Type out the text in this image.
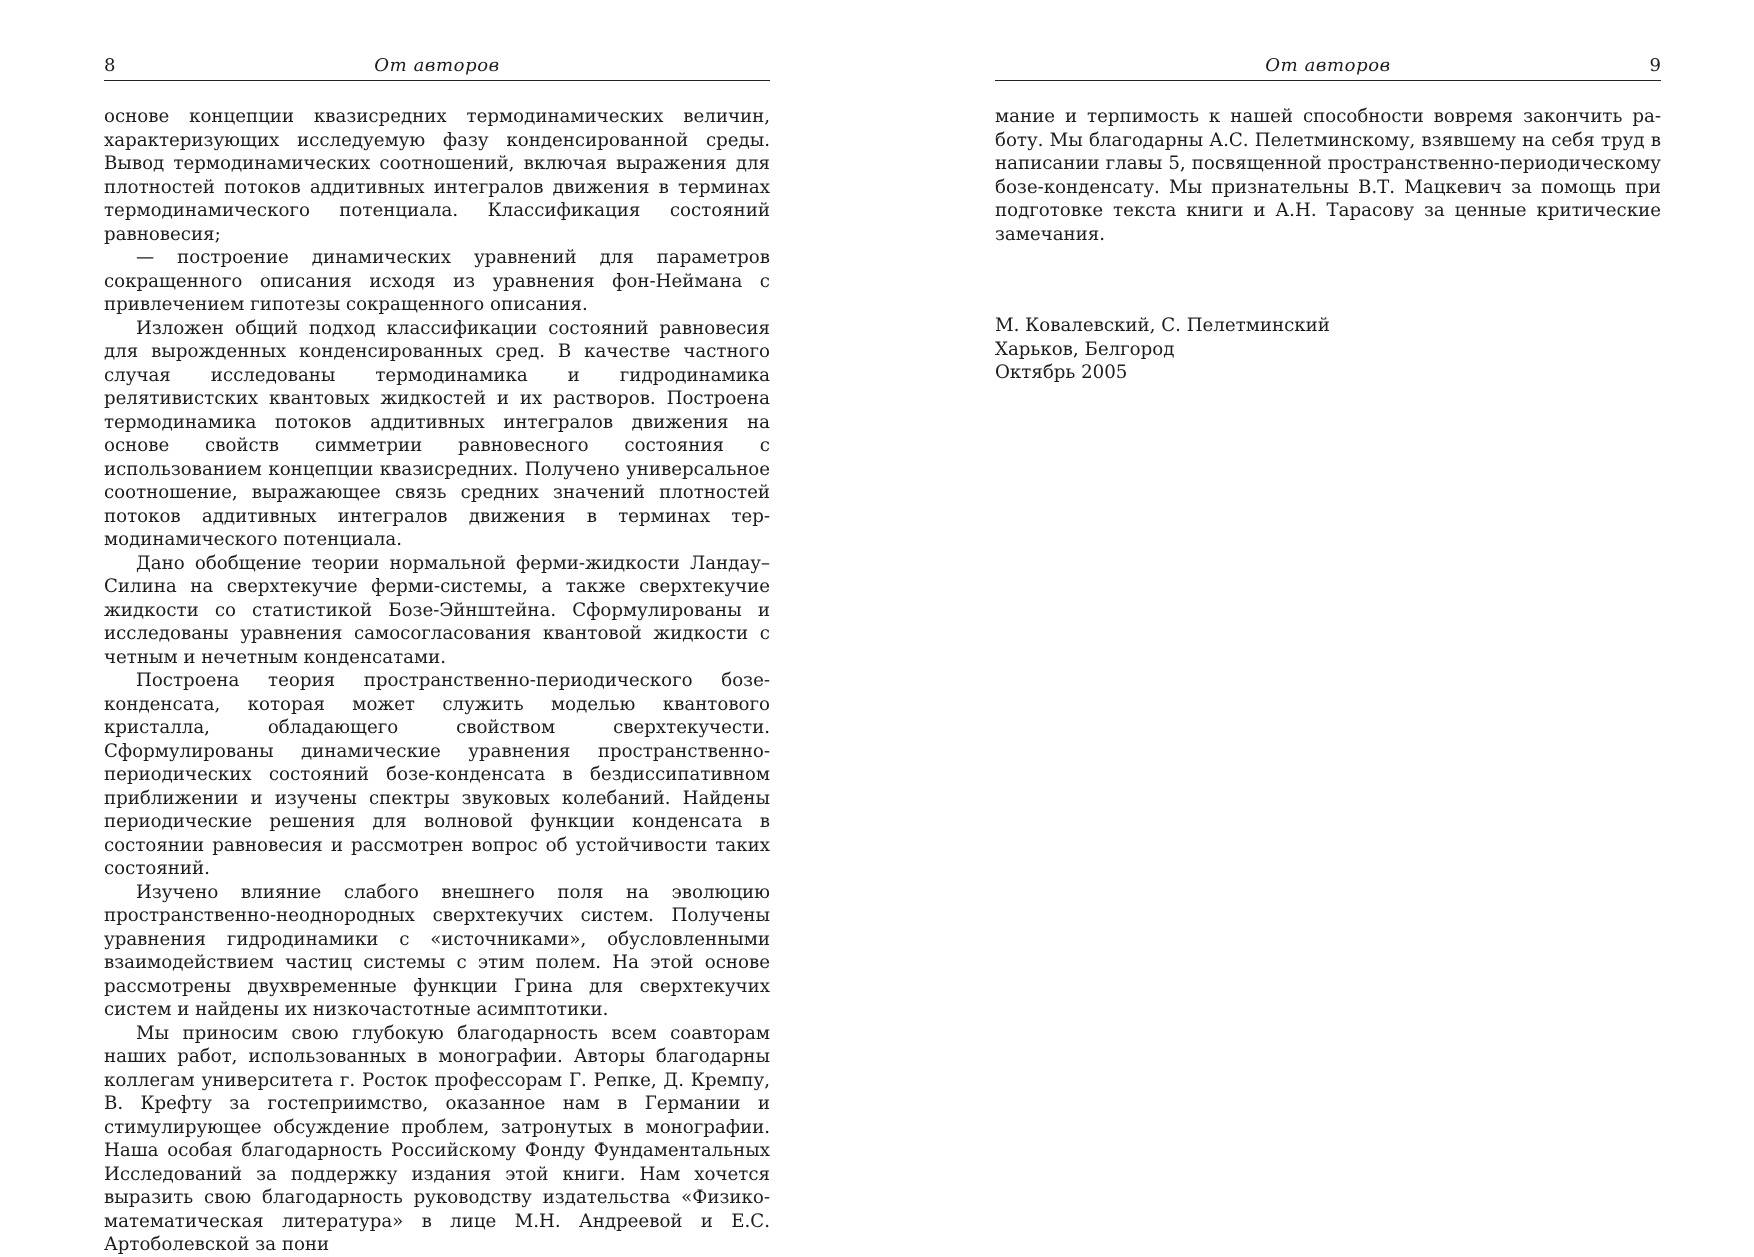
8	От авторов

основе концепции квазисредних термодинамических величин, характеризующих исследуемую фазу конденсированной среды. Вывод термодинамических соотношений, включая выражения для плотностей потоков аддитивных интегралов движения в терминах термодинамического потенциала. Классификация состояний равновесия;

— построение динамических уравнений для параметров сокращенного описания исходя из уравнения фон-Неймана с привлечением гипотезы сокращенного описания.

Изложен общий подход классификации состояний равновесия для вырожденных конденсированных сред. В качестве частного случая исследованы термодинамика и гидродинамика релятивистских квантовых жидкостей и их растворов. Построена термодинамика потоков аддитивных интегралов движения на основе свойств симметрии равновесного состояния с использованием концепции квазисредних. Получено универсальное соотношение, выражающее связь средних значений плотностей потоков аддитивных интегралов движения в терминах термодинамического потенциала.

Дано обобщение теории нормальной ферми-жидкости Ландау–Силина на сверхтекучие ферми-системы, а также сверхтекучие жидкости со статистикой Бозе-Эйнштейна. Сформулированы и исследованы уравнения самосогласования квантовой жидкости с четным и нечетным конденсатами.

Построена теория пространственно-периодического бозе-конденсата, которая может служить моделью квантового кристалла, обладающего свойством сверхтекучести. Сформулированы динамические уравнения пространственно-периодических состояний бозе-конденсата в бездиссипативном приближении и изучены спектры звуковых колебаний. Найдены периодические решения для волновой функции конденсата в состоянии равновесия и рассмотрен вопрос об устойчивости таких состояний.

Изучено влияние слабого внешнего поля на эволюцию пространственно-неоднородных сверхтекучих систем. Получены уравнения гидродинамики с «источниками», обусловленными взаимодействием частиц системы с этим полем. На этой основе рассмотрены двухвременные функции Грина для сверхтекучих систем и найдены их низкочастотные асимптотики.

Мы приносим свою глубокую благодарность всем соавторам наших работ, использованных в монографии. Авторы благодарны коллегам университета г. Росток профессорам Г. Репке, Д. Кремпу, В. Крефту за гостеприимство, оказанное нам в Германии и стимулирующее обсуждение проблем, затронутых в монографии. Наша особая благодарность Российскому Фонду Фундаментальных Исследований за поддержку издания этой книги. Нам хочется выразить свою благодарность руководству издательства «Физико-математическая литература» в лице М.Н. Андреевой и Е.С. Артоболевской за пони

От авторов	9

мание и терпимость к нашей способности вовремя закончить работу. Мы благодарны А.С. Пелетминскому, взявшему на себя труд в написании главы 5, посвященной пространственно-периодическому бозе-конденсату. Мы признательны В.Т. Мацкевич за помощь при подготовке текста книги и А.Н. Тарасову за ценные критические замечания.

М. Ковалевский, С. Пелетминский
Харьков, Белгород
Октябрь 2005
